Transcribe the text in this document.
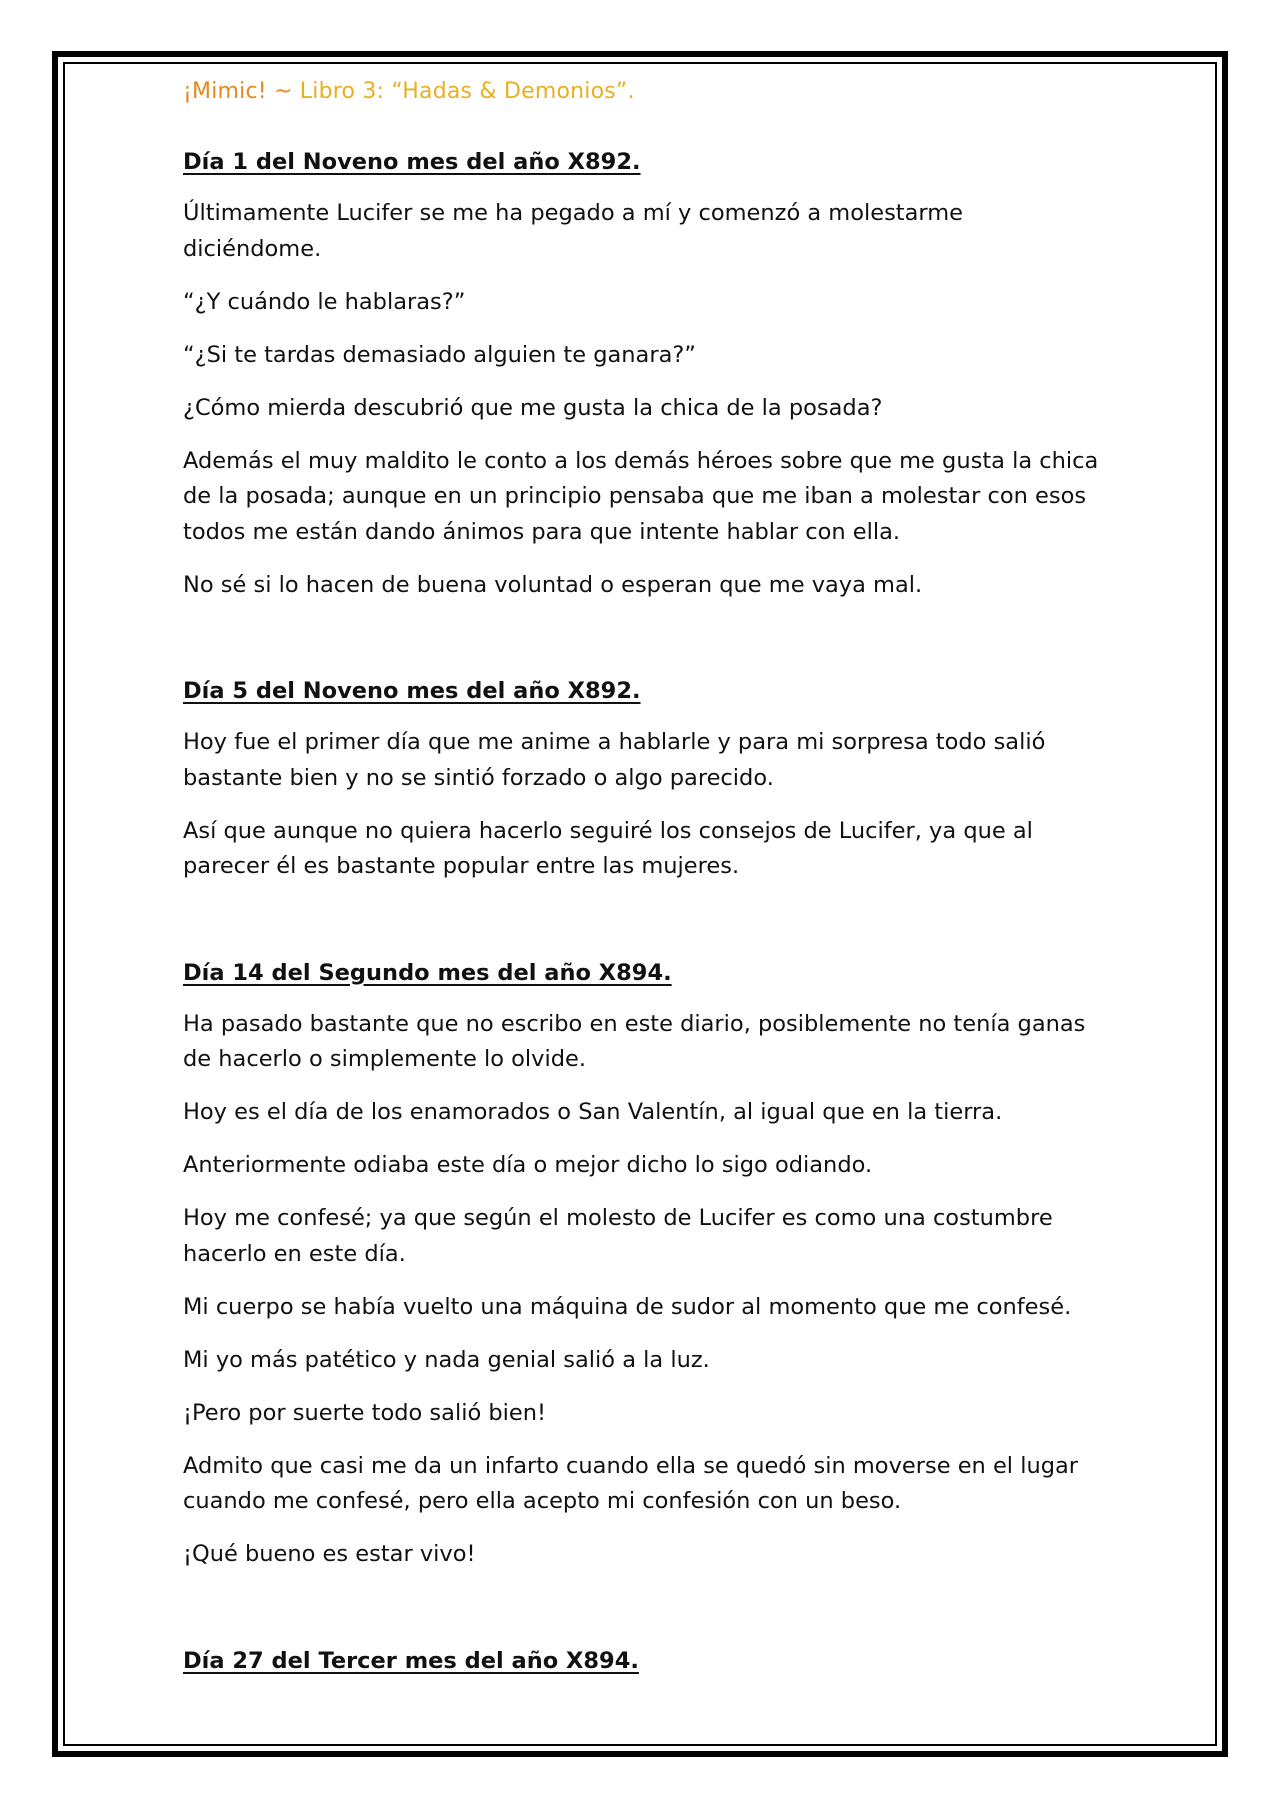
¡Mimic! ~ Libro 3: “Hadas & Demonios”.
Día 1 del Noveno mes del año X892.

Últimamente Lucifer se me ha pegado a mí y comenzó a molestarme diciéndome.

“¿Y cuándo le hablaras?”

“¿Si te tardas demasiado alguien te ganara?”

¿Cómo mierda descubrió que me gusta la chica de la posada?

Además el muy maldito le conto a los demás héroes sobre que me gusta la chica de la posada; aunque en un principio pensaba que me iban a molestar con esos todos me están dando ánimos para que intente hablar con ella.

No sé si lo hacen de buena voluntad o esperan que me vaya mal.

Día 5 del Noveno mes del año X892.

Hoy fue el primer día que me anime a hablarle y para mi sorpresa todo salió bastante bien y no se sintió forzado o algo parecido.

Así que aunque no quiera hacerlo seguiré los consejos de Lucifer, ya que al parecer él es bastante popular entre las mujeres.

Día 14 del Segundo mes del año X894.

Ha pasado bastante que no escribo en este diario, posiblemente no tenía ganas de hacerlo o simplemente lo olvide.

Hoy es el día de los enamorados o San Valentín, al igual que en la tierra.

Anteriormente odiaba este día o mejor dicho lo sigo odiando.

Hoy me confesé; ya que según el molesto de Lucifer es como una costumbre hacerlo en este día.

Mi cuerpo se había vuelto una máquina de sudor al momento que me confesé.

Mi yo más patético y nada genial salió a la luz.

¡Pero por suerte todo salió bien!

Admito que casi me da un infarto cuando ella se quedó sin moverse en el lugar cuando me confesé, pero ella acepto mi confesión con un beso.

¡Qué bueno es estar vivo!

Día 27 del Tercer mes del año X894.
